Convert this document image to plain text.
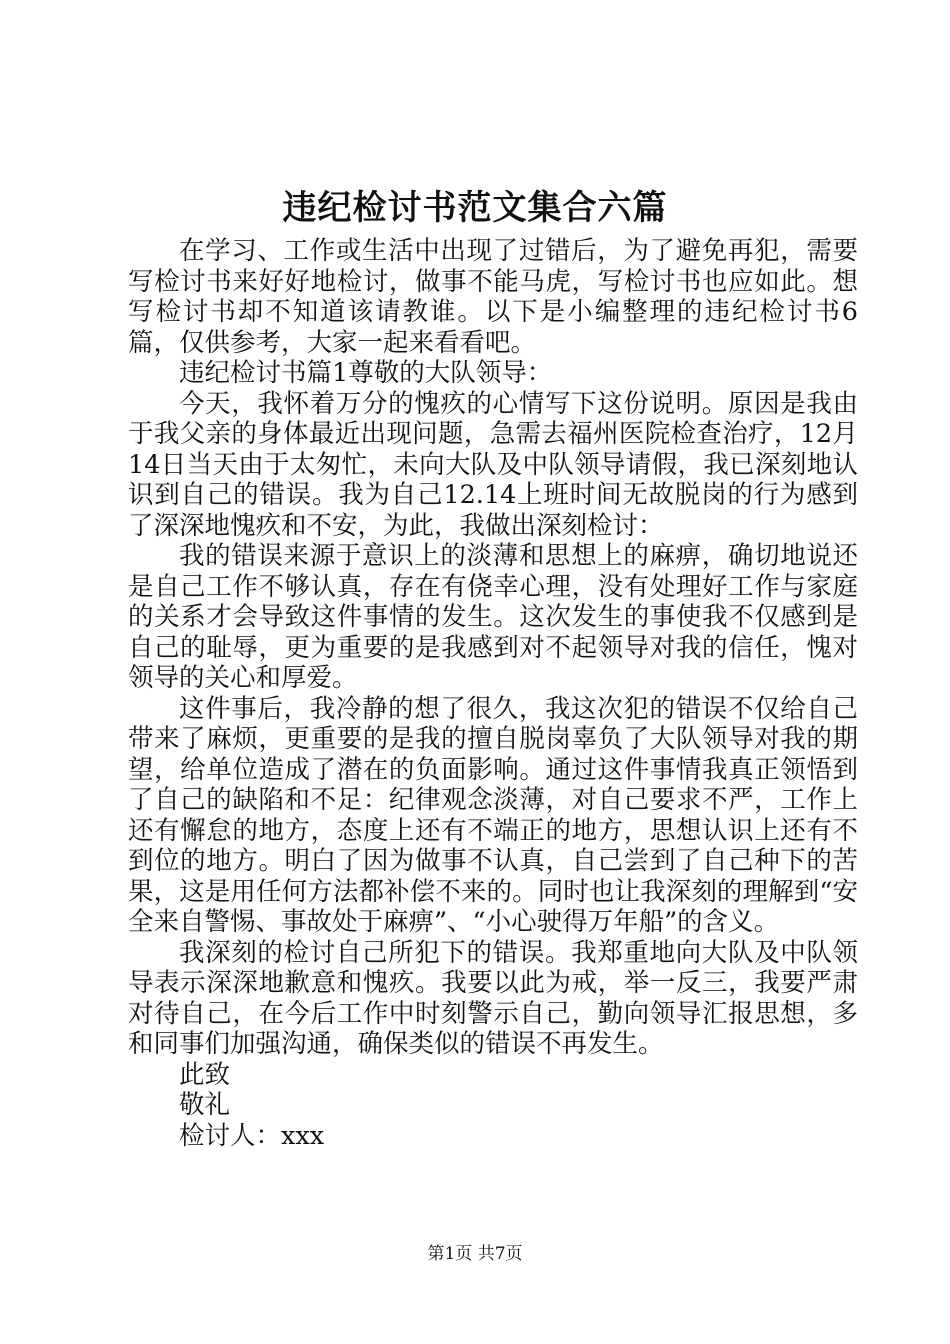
违纪检讨书范文集合六篇

在学习、工作或生活中出现了过错后，为了避免再犯，需要写检讨书来好好地检讨，做事不能马虎，写检讨书也应如此。想写检讨书却不知道该请教谁。以下是小编整理的违纪检讨书6篇，仅供参考，大家一起来看看吧。

违纪检讨书篇1尊敬的大队领导：

今天，我怀着万分的愧疚的心情写下这份说明。原因是我由于我父亲的身体最近出现问题，急需去福州医院检查治疗，12月14日当天由于太匆忙，未向大队及中队领导请假，我已深刻地认识到自己的错误。我为自己12.14上班时间无故脱岗的行为感到了深深地愧疚和不安，为此，我做出深刻检讨：

我的错误来源于意识上的淡薄和思想上的麻痹，确切地说还是自己工作不够认真，存在有侥幸心理，没有处理好工作与家庭的关系才会导致这件事情的发生。这次发生的事使我不仅感到是自己的耻辱，更为重要的是我感到对不起领导对我的信任，愧对领导的关心和厚爱。

这件事后，我冷静的想了很久，我这次犯的错误不仅给自己带来了麻烦，更重要的是我的擅自脱岗辜负了大队领导对我的期望，给单位造成了潜在的负面影响。通过这件事情我真正领悟到了自己的缺陷和不足：纪律观念淡薄，对自己要求不严，工作上还有懈怠的地方，态度上还有不端正的地方，思想认识上还有不到位的地方。明白了因为做事不认真，自己尝到了自己种下的苦果，这是用任何方法都补偿不来的。同时也让我深刻的理解到“安全来自警惕、事故处于麻痹”、“小心驶得万年船”的含义。

我深刻的检讨自己所犯下的错误。我郑重地向大队及中队领导表示深深地歉意和愧疚。我要以此为戒，举一反三，我要严肃对待自己，在今后工作中时刻警示自己，勤向领导汇报思想，多和同事们加强沟通，确保类似的错误不再发生。

此致

敬礼

检讨人：xxx

第1页 共7页
